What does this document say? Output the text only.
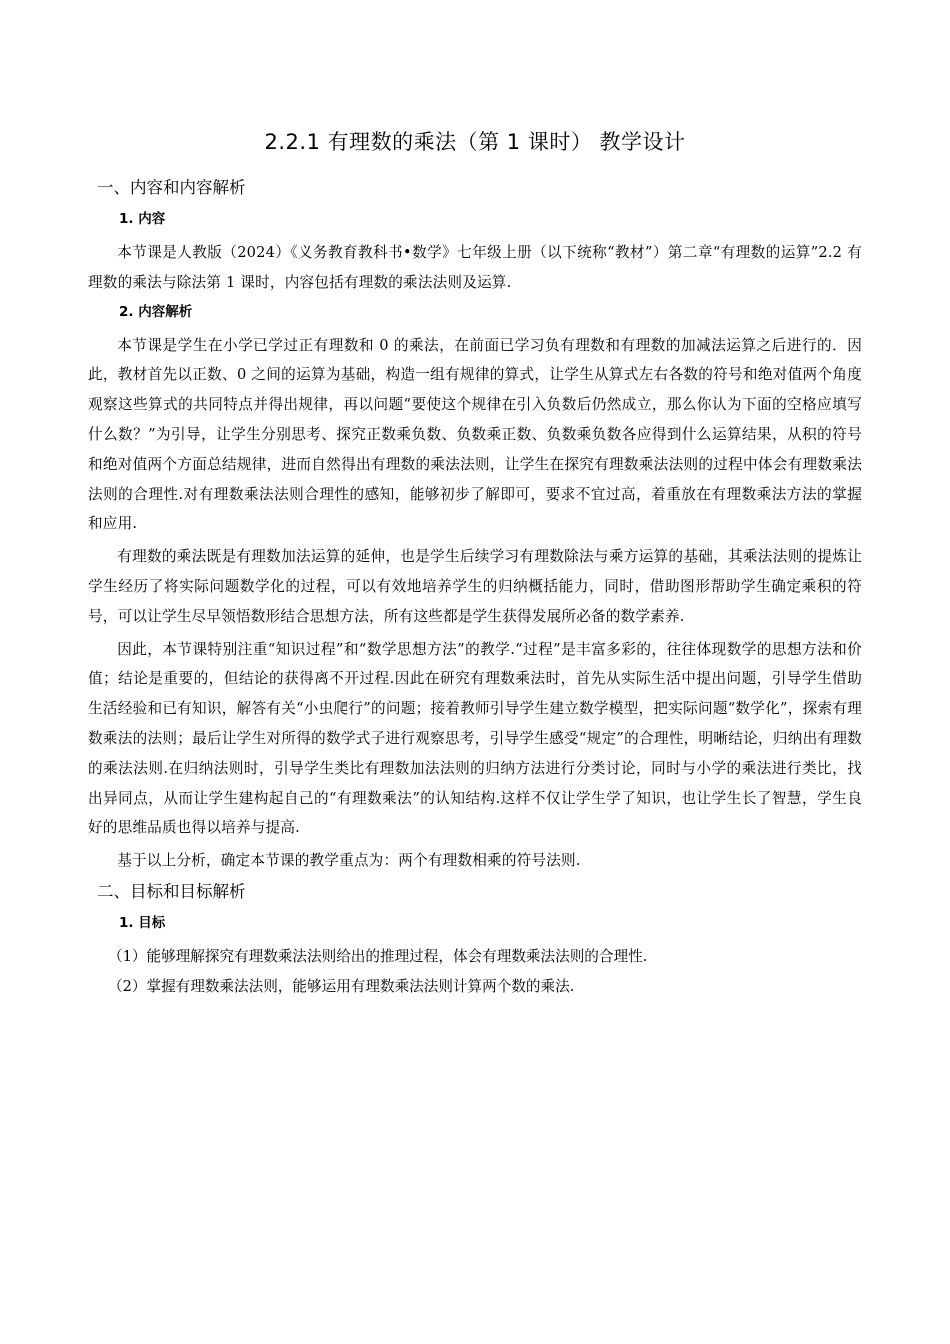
2.2.1 有理数的乘法（第 1 课时） 教学设计
一、内容和内容解析
1. 内容

本节课是人教版（2024）《义务教育教科书•数学》七年级上册（以下统称“教材”）第二章“有理数的运算”2.2 有理数的乘法与除法第 1 课时，内容包括有理数的乘法法则及运算.

2. 内容解析

本节课是学生在小学已学过正有理数和 0 的乘法，在前面已学习负有理数和有理数的加减法运算之后进行的．因此，教材首先以正数、0 之间的运算为基础，构造一组有规律的算式，让学生从算式左右各数的符号和绝对值两个角度观察这些算式的共同特点并得出规律，再以问题“要使这个规律在引入负数后仍然成立，那么你认为下面的空格应填写什么数？”为引导，让学生分别思考、探究正数乘负数、负数乘正数、负数乘负数各应得到什么运算结果，从积的符号和绝对值两个方面总结规律，进而自然得出有理数的乘法法则，让学生在探究有理数乘法法则的过程中体会有理数乘法法则的合理性.对有理数乘法法则合理性的感知，能够初步了解即可，要求不宜过高，着重放在有理数乘法方法的掌握和应用.

有理数的乘法既是有理数加法运算的延伸，也是学生后续学习有理数除法与乘方运算的基础，其乘法法则的提炼让学生经历了将实际问题数学化的过程，可以有效地培养学生的归纳概括能力，同时，借助图形帮助学生确定乘积的符号，可以让学生尽早领悟数形结合思想方法，所有这些都是学生获得发展所必备的数学素养.

因此，本节课特别注重“知识过程”和“数学思想方法”的教学.“过程”是丰富多彩的，往往体现数学的思想方法和价值；结论是重要的，但结论的获得离不开过程.因此在研究有理数乘法时，首先从实际生活中提出问题，引导学生借助生活经验和已有知识，解答有关“小虫爬行”的问题；接着教师引导学生建立数学模型，把实际问题“数学化”，探索有理数乘法的法则；最后让学生对所得的数学式子进行观察思考，引导学生感受“规定”的合理性，明晰结论，归纳出有理数的乘法法则.在归纳法则时，引导学生类比有理数加法法则的归纳方法进行分类讨论，同时与小学的乘法进行类比，找出异同点，从而让学生建构起自己的“有理数乘法”的认知结构.这样不仅让学生学了知识，也让学生长了智慧，学生良好的思维品质也得以培养与提高.

基于以上分析，确定本节课的教学重点为：两个有理数相乘的符号法则.

二、目标和目标解析
1. 目标

（1）能够理解探究有理数乘法法则给出的推理过程，体会有理数乘法法则的合理性.

（2）掌握有理数乘法法则，能够运用有理数乘法法则计算两个数的乘法.
